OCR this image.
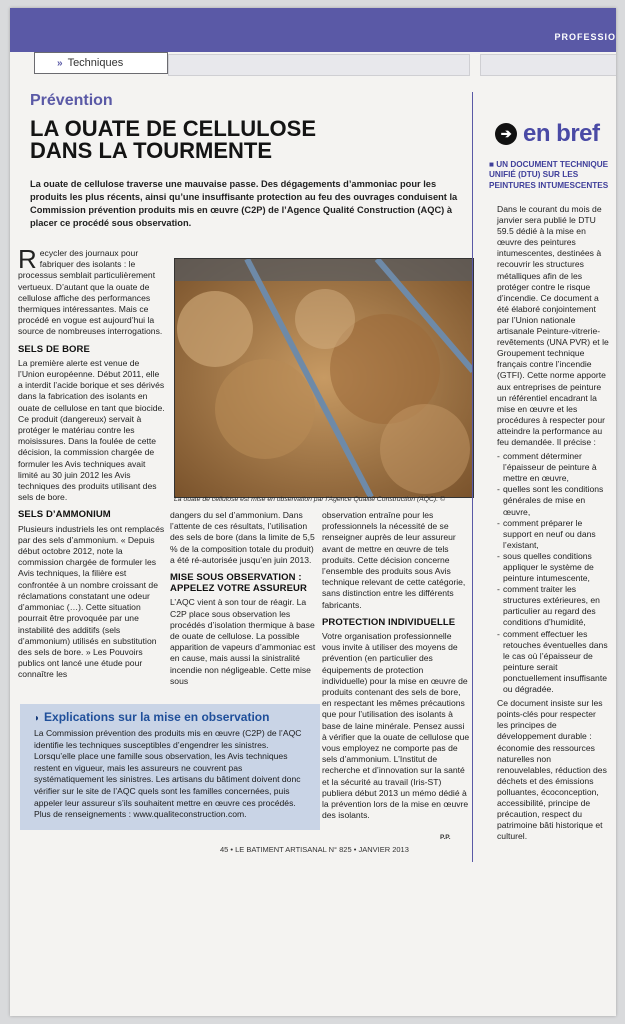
PROFESSIO
» Techniques
Prévention
LA OUATE DE CELLULOSE
DANS LA TOURMENTE

La ouate de cellulose traverse une mauvaise passe. Des dégagements d’ammoniac pour les produits les plus récents, ainsi qu’une insuffisante protection au feu des ouvrages conduisent la Commission prévention produits mis en œuvre (C2P) de l’Agence Qualité Construction (AQC) à placer ce procédé sous observation.

Recycler des journaux pour fabriquer des isolants : le processus semblait particulièrement vertueux. D’autant que la ouate de cellulose affiche des performances thermiques intéressantes. Mais ce procédé en vogue est aujourd’hui la source de nombreuses interrogations.

SELS DE BORE

La première alerte est venue de l’Union européenne. Début 2011, elle a interdit l’acide borique et ses dérivés dans la fabrication des isolants en ouate de cellulose en tant que biocide. Ce produit (dangereux) servait à protéger le matériau contre les moisissures. Dans la foulée de cette décision, la commission chargée de formuler les Avis techniques avait limité au 30 juin 2012 les Avis techniques des produits utilisant des sels de bore.

SELS D’AMMONIUM

Plusieurs industriels les ont remplacés par des sels d’ammonium. « Depuis début octobre 2012, note la commission chargée de formuler les Avis techniques, la filière est confrontée à un nombre croissant de réclamations constatant une odeur d’ammoniac (…). Cette situation pourrait être provoquée par une instabilité des additifs (sels d’ammonium) utilisés en substitution des sels de bore. » Les Pouvoirs publics ont lancé une étude pour connaître les

La ouate de cellulose est mise en observation par l’Agence Qualité Construction (AQC). ©

dangers du sel d’ammonium. Dans l’attente de ces résultats, l’utilisation des sels de bore (dans la limite de 5,5 % de la composition totale du produit) a été ré-autorisée jusqu’en juin 2013.

MISE SOUS OBSERVATION : APPELEZ VOTRE ASSUREUR

L’AQC vient à son tour de réagir. La C2P place sous observation les procédés d’isolation thermique à base de ouate de cellulose. La possible apparition de vapeurs d’ammoniac est en cause, mais aussi la sinistralité incendie non négligeable. Cette mise sous

observation entraîne pour les professionnels la nécessité de se renseigner auprès de leur assureur avant de mettre en œuvre de tels produits. Cette décision concerne l’ensemble des produits sous Avis technique relevant de cette catégorie, sans distinction entre les différents fabricants.

PROTECTION INDIVIDUELLE

Votre organisation professionnelle vous invite à utiliser des moyens de prévention (en particulier des équipements de protection individuelle) pour la mise en œuvre de produits contenant des sels de bore, en respectant les mêmes précautions que pour l’utilisation des isolants à base de laine minérale. Pensez aussi à vérifier que la ouate de cellulose que vous employez ne comporte pas de sels d’ammonium. L’Institut de recherche et d’innovation sur la santé et la sécurité au travail (Iris-ST) publiera début 2013 un mémo dédié à la prévention lors de la mise en œuvre des isolants.

P.P.
◗ Explications sur la mise en observation

La Commission prévention des produits mis en œuvre (C2P) de l’AQC identifie les techniques susceptibles d’engendrer les sinistres. Lorsqu’elle place une famille sous observation, les Avis techniques restent en vigueur, mais les assureurs ne couvrent pas systématiquement les sinistres. Les artisans du bâtiment doivent donc vérifier sur le site de l’AQC quels sont les familles concernées, puis appeler leur assureur s’ils souhaitent mettre en œuvre ces procédés.

Plus de renseignements : www.qualiteconstruction.com.

➔ en bref
■ UN DOCUMENT TECHNIQUE UNIFIÉ (DTU) SUR LES PEINTURES INTUMESCENTES

Dans le courant du mois de janvier sera publié le DTU 59.5 dédié à la mise en œuvre des peintures intumescentes, destinées à recouvrir les structures métalliques afin de les protéger contre le risque d’incendie. Ce document a été élaboré conjointement par l’Union nationale artisanale Peinture-vitrerie-revêtements (UNA PVR) et le Groupement technique français contre l’incendie (GTFI). Cette norme apporte aux entreprises de peinture un référentiel encadrant la mise en œuvre et les procédures à respecter pour atteindre la performance au feu demandée. Il précise :

- comment déterminer l’épaisseur de peinture à mettre en œuvre,
- quelles sont les conditions générales de mise en œuvre,
- comment préparer le support en neuf ou dans l’existant,
- sous quelles conditions appliquer le système de peinture intumescente,
- comment traiter les structures extérieures, en particulier au regard des conditions d’humidité,
- comment effectuer les retouches éventuelles dans le cas où l’épaisseur de peinture serait ponctuellement insuffisante ou dégradée.

Ce document insiste sur les points-clés pour respecter les principes de développement durable : économie des ressources naturelles non renouvelables, réduction des déchets et des émissions polluantes, écoconception, accessibilité, principe de précaution, respect du patrimoine bâti historique et culturel.

45 • LE BATIMENT ARTISANAL N° 825 • JANVIER 2013
